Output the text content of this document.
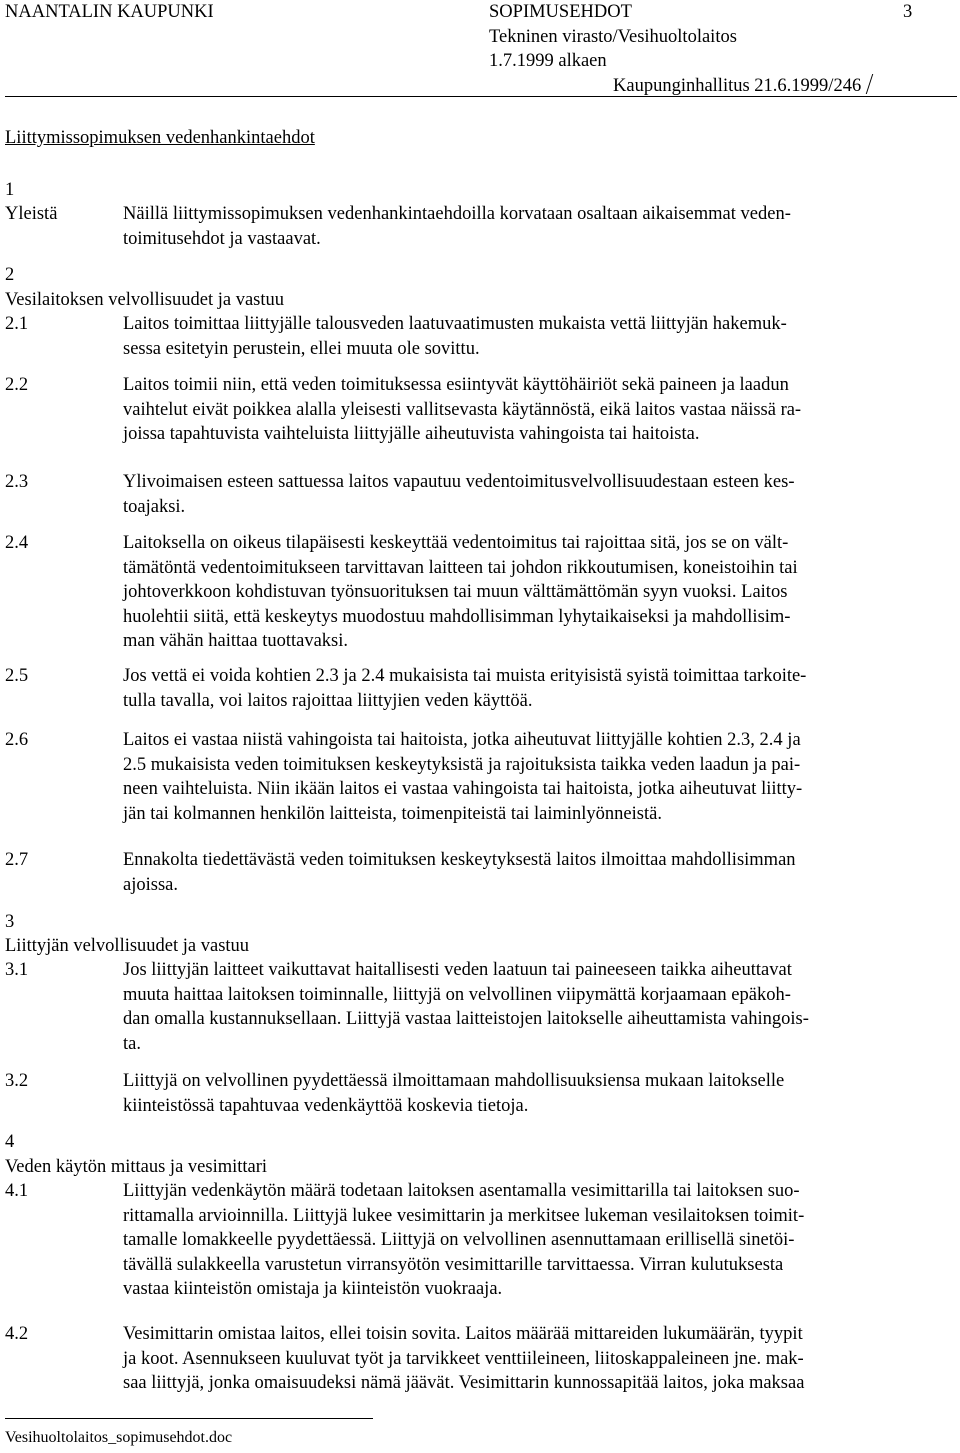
NAANTALIN KAUPUNKI	SOPIMUSEHDOT
Tekninen virasto/Vesihuoltolaitos
1.7.1999 alkaen
Kaupunginhallitus 21.6.1999/246
3
Liittymissopimuksen vedenhankintaehdot
1
Yleistä	Näillä liittymissopimuksen vedenhankintaehdoilla korvataan osaltaan aikaisemmat veden-
toimitusehdot ja vastaavat.
2
Vesilaitoksen velvollisuudet ja vastuu
2.1	Laitos toimittaa liittyjälle talousveden laatuvaatimusten mukaista vettä liittyjän hakemuk-
sessa esitetyin perustein, ellei muuta ole sovittu.
2.2	Laitos toimii niin, että veden toimituksessa esiintyvät käyttöhäiriöt sekä paineen ja laadun
vaihtelut eivät poikkea alalla yleisesti vallitsevasta käytännöstä, eikä laitos vastaa näissä ra-
joissa tapahtuvista vaihteluista liittyjälle aiheutuvista vahingoista tai haitoista.
2.3	Ylivoimaisen esteen sattuessa laitos vapautuu vedentoimitusvelvollisuudestaan esteen kes-
toajaksi.
2.4	Laitoksella on oikeus tilapäisesti keskeyttää vedentoimitus tai rajoittaa sitä, jos se on vält-
tämätöntä vedentoimitukseen tarvittavan laitteen tai johdon rikkoutumisen, koneistoihin tai
johtoverkkoon kohdistuvan työnsuorituksen tai muun välttämättömän syyn vuoksi. Laitos
huolehtii siitä, että keskeytys muodostuu mahdollisimman lyhytaikaiseksi ja mahdollisim-
man vähän haittaa tuottavaksi.
2.5	Jos vettä ei voida kohtien 2.3 ja 2.4 mukaisista tai muista erityisistä syistä toimittaa tarkoite-
tulla tavalla, voi laitos rajoittaa liittyjien veden käyttöä.
2.6	Laitos ei vastaa niistä vahingoista tai haitoista, jotka aiheutuvat liittyjälle kohtien 2.3, 2.4 ja
2.5 mukaisista veden toimituksen keskeytyksistä ja rajoituksista taikka veden laadun ja pai-
neen vaihteluista. Niin ikään laitos ei vastaa vahingoista tai haitoista, jotka aiheutuvat liitty-
jän tai kolmannen henkilön laitteista, toimenpiteistä tai laiminlyönneistä.
2.7	Ennakolta tiedettävästä veden toimituksen keskeytyksestä laitos ilmoittaa mahdollisimman
ajoissa.
3
Liittyjän velvollisuudet ja vastuu
3.1	Jos liittyjän laitteet vaikuttavat haitallisesti veden laatuun tai paineeseen taikka aiheuttavat
muuta haittaa laitoksen toiminnalle, liittyjä on velvollinen viipymättä korjaamaan epäkoh-
dan omalla kustannuksellaan. Liittyjä vastaa laitteistojen laitokselle aiheuttamista vahingois-
ta.
3.2	Liittyjä on velvollinen pyydettäessä ilmoittamaan mahdollisuuksiensa mukaan laitokselle
kiinteistössä tapahtuvaa vedenkäyttöä koskevia tietoja.
4
Veden käytön mittaus ja vesimittari
4.1	Liittyjän vedenkäytön määrä todetaan laitoksen asentamalla vesimittarilla tai laitoksen suo-
rittamalla arvioinnilla. Liittyjä lukee vesimittarin ja merkitsee lukeman vesilaitoksen toimit-
tamalle lomakkeelle pyydettäessä. Liittyjä on velvollinen asennuttamaan erillisellä sinetöi-
tävällä sulakkeella varustetun virransyötön vesimittarille tarvittaessa. Virran kulutuksesta
vastaa kiinteistön omistaja ja kiinteistön vuokraaja.
4.2	Vesimittarin omistaa laitos, ellei toisin sovita. Laitos määrää mittareiden lukumäärän, tyypit
ja koot. Asennukseen kuuluvat työt ja tarvikkeet venttiileineen, liitoskappaleineen jne. mak-
saa liittyjä, jonka omaisuudeksi nämä jäävät. Vesimittarin kunnossapitää laitos, joka maksaa
Vesihuoltolaitos_sopimusehdot.doc
